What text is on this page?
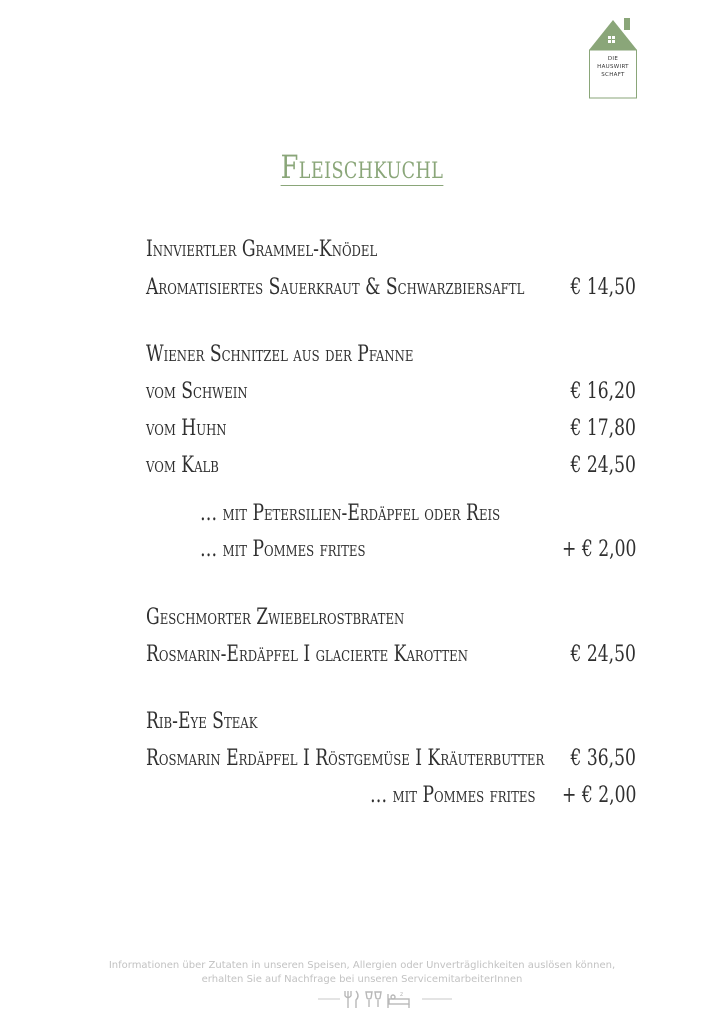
DIE
HAUSWIRT
SCHAFT
Fleischkuchl
Innviertler Grammel-Knödel
Aromatisiertes Sauerkraut & Schwarzbiersaftl € 14,50
Wiener Schnitzel aus der Pfanne
vom Schwein	€ 16,20
vom Huhn	€ 17,80
vom Kalb	€ 24,50
… mit Petersilien-Erdäpfel oder Reis
… mit Pommes frites	+ € 2,00
Geschmorter Zwiebelrostbraten
Rosmarin-Erdäpfel I glacierte Karotten	€ 24,50
Rib-Eye Steak
Rosmarin Erdäpfel I Röstgemüse I Kräuterbutter € 36,50
… mit Pommes frites + € 2,00
Informationen über Zutaten in unseren Speisen, Allergien oder Unverträglichkeiten auslösen können,
erhalten Sie auf Nachfrage bei unseren ServicemitarbeiterInnen
z
